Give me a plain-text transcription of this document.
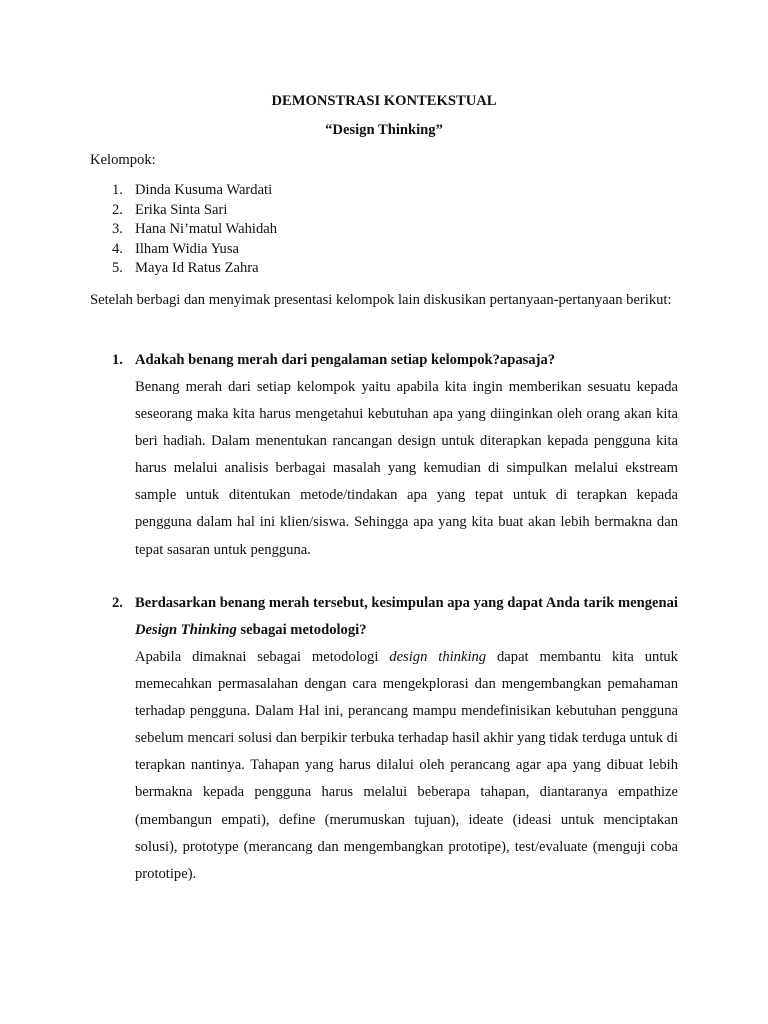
DEMONSTRASI KONTEKSTUAL
“Design Thinking”
Kelompok:
1. Dinda Kusuma Wardati
2. Erika Sinta Sari
3. Hana Ni’matul Wahidah
4. Ilham Widia Yusa
5. Maya Id Ratus Zahra
Setelah berbagi dan menyimak presentasi kelompok lain diskusikan pertanyaan-pertanyaan berikut:
1. Adakah benang merah dari pengalaman setiap kelompok?apasaja?
Benang merah dari setiap kelompok yaitu apabila kita ingin memberikan sesuatu kepada seseorang maka kita harus mengetahui kebutuhan apa yang diinginkan oleh orang akan kita beri hadiah. Dalam menentukan rancangan design untuk diterapkan kepada pengguna kita harus melalui analisis berbagai masalah yang kemudian di simpulkan melalui ekstream sample untuk ditentukan metode/tindakan apa yang tepat untuk di terapkan kepada pengguna dalam hal ini klien/siswa. Sehingga apa yang kita buat akan lebih bermakna dan tepat sasaran untuk pengguna.
2. Berdasarkan benang merah tersebut, kesimpulan apa yang dapat Anda tarik mengenai Design Thinking sebagai metodologi?
Apabila dimaknai sebagai metodologi design thinking dapat membantu kita untuk memecahkan permasalahan dengan cara mengekplorasi dan mengembangkan pemahaman terhadap pengguna. Dalam Hal ini, perancang mampu mendefinisikan kebutuhan pengguna sebelum mencari solusi dan berpikir terbuka terhadap hasil akhir yang tidak terduga untuk di terapkan nantinya. Tahapan yang harus dilalui oleh perancang agar apa yang dibuat lebih bermakna kepada pengguna harus melalui beberapa tahapan, diantaranya empathize (membangun empati), define (merumuskan tujuan), ideate (ideasi untuk menciptakan solusi), prototype (merancang dan mengembangkan prototipe), test/evaluate (menguji coba prototipe).
